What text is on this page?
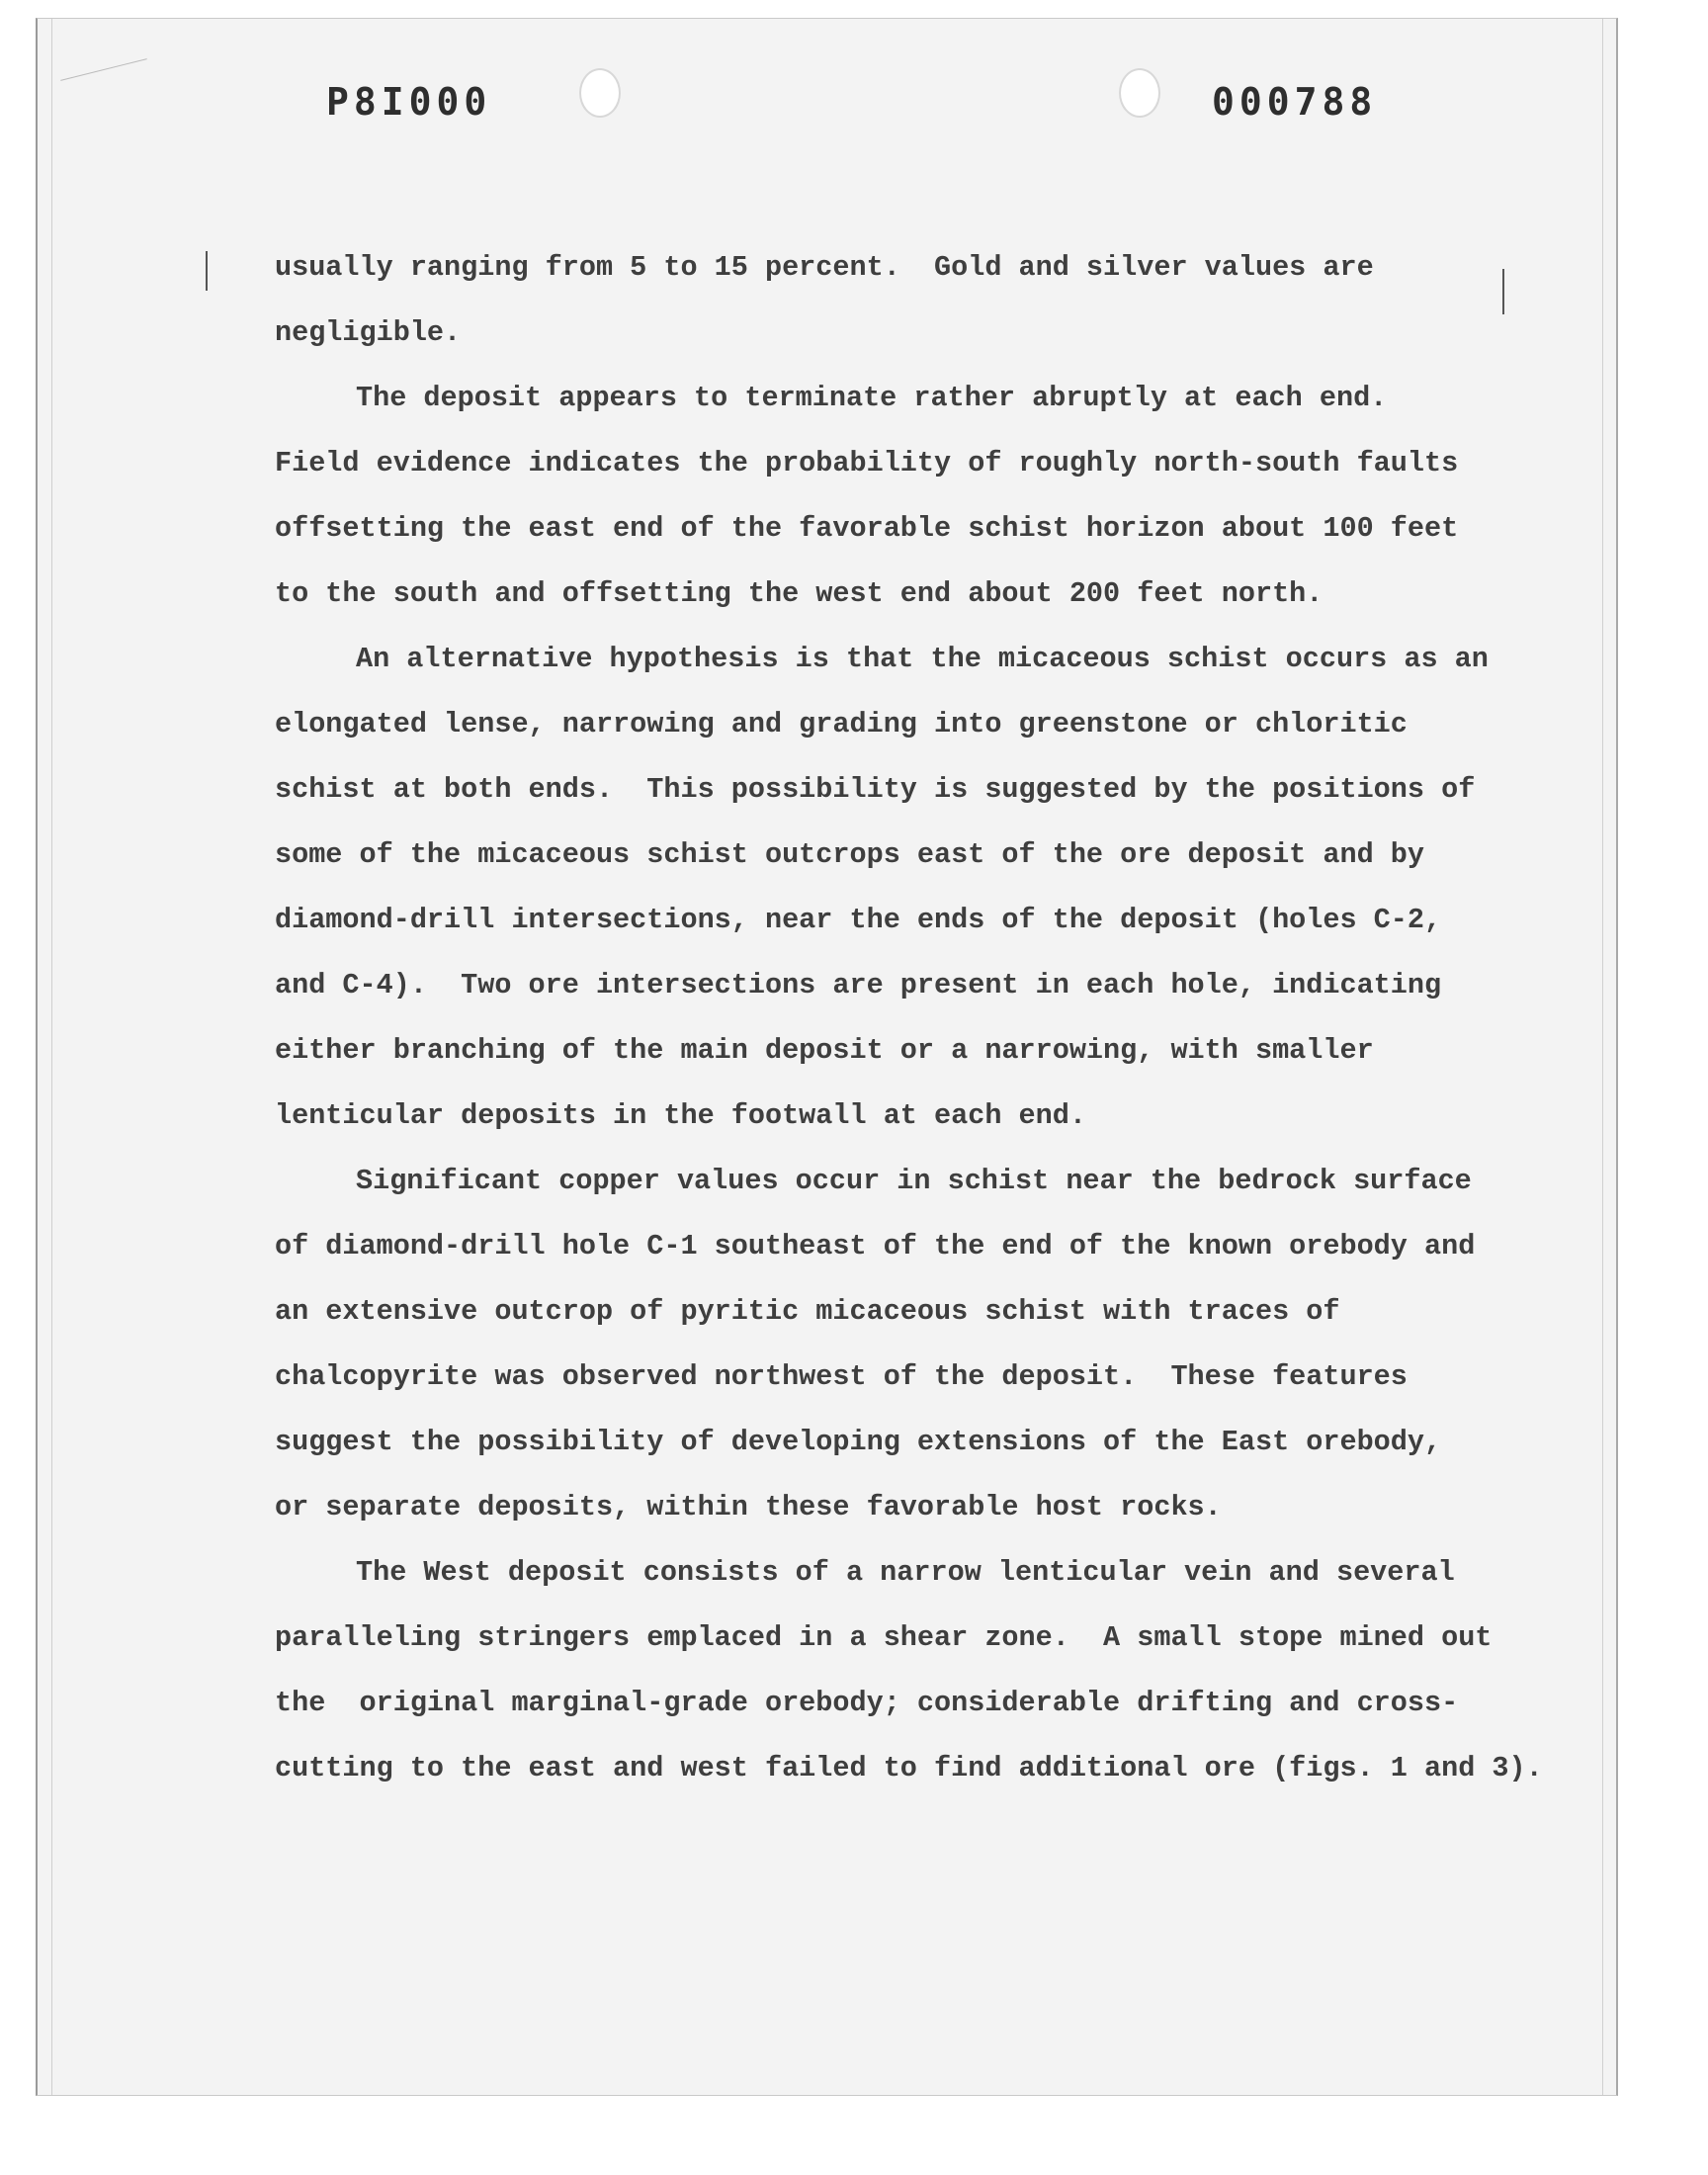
P8I000	000788
usually ranging from 5 to 15 percent.  Gold and silver values are
negligible.
The deposit appears to terminate rather abruptly at each end.
Field evidence indicates the probability of roughly north-south faults
offsetting the east end of the favorable schist horizon about 100 feet
to the south and offsetting the west end about 200 feet north.
An alternative hypothesis is that the micaceous schist occurs as an
elongated lense, narrowing and grading into greenstone or chloritic
schist at both ends.  This possibility is suggested by the positions of
some of the micaceous schist outcrops east of the ore deposit and by
diamond-drill intersections, near the ends of the deposit (holes C-2,
and C-4).  Two ore intersections are present in each hole, indicating
either branching of the main deposit or a narrowing, with smaller
lenticular deposits in the footwall at each end.
Significant copper values occur in schist near the bedrock surface
of diamond-drill hole C-1 southeast of the end of the known orebody and
an extensive outcrop of pyritic micaceous schist with traces of
chalcopyrite was observed northwest of the deposit.  These features
suggest the possibility of developing extensions of the East orebody,
or separate deposits, within these favorable host rocks.
The West deposit consists of a narrow lenticular vein and several
paralleling stringers emplaced in a shear zone.  A small stope mined out
the  original marginal-grade orebody; considerable drifting and cross-
cutting to the east and west failed to find additional ore (figs. 1 and 3).
